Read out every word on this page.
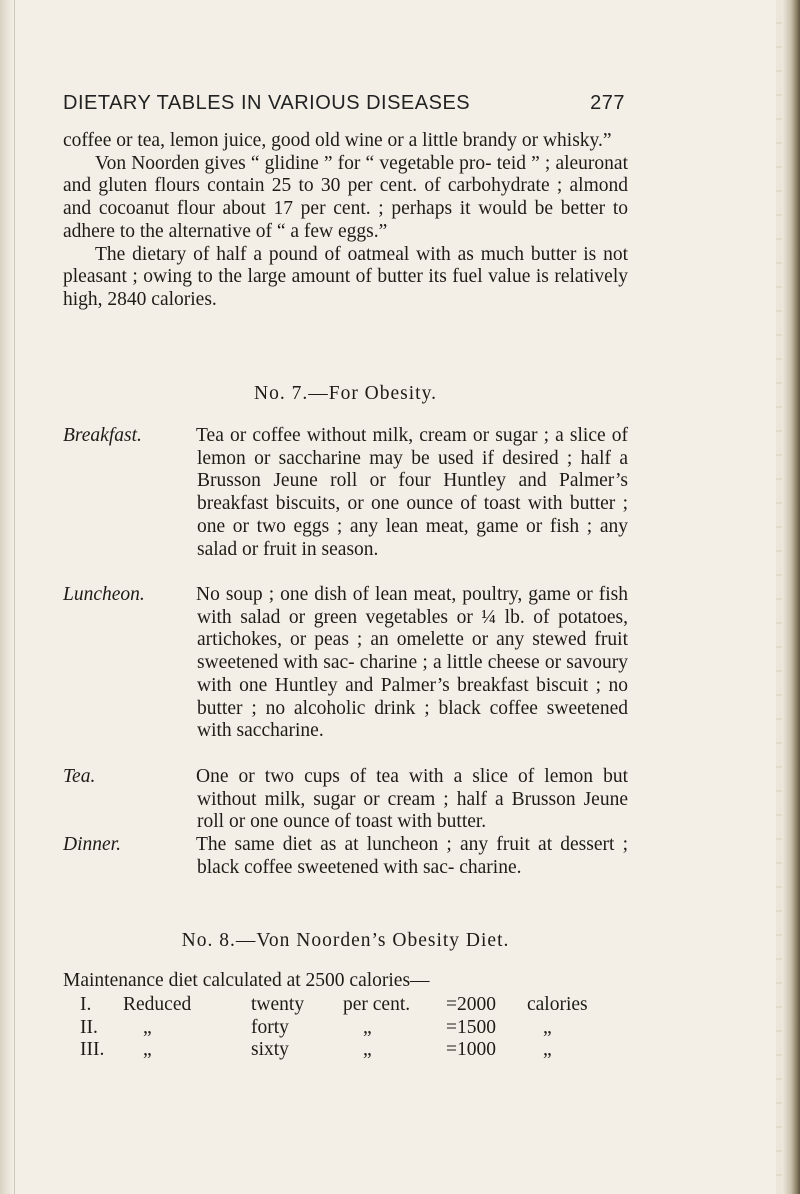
DIETARY TABLES IN VARIOUS DISEASES	277

coffee or tea, lemon juice, good old wine or a little brandy or whisky.”

Von Noorden gives “ glidine ” for “ vegetable pro- teid ” ; aleuronat and gluten flours contain 25 to 30 per cent. of carbohydrate ; almond and cocoanut flour about 17 per cent. ; perhaps it would be better to adhere to the alternative of “ a few eggs.”

The dietary of half a pound of oatmeal with as much butter is not pleasant ; owing to the large amount of butter its fuel value is relatively high, 2840 calories.

No. 7.—For Obesity.
Breakfast.	Tea or coffee without milk, cream or sugar ; a slice of lemon or saccharine may be used if desired ; half a Brusson Jeune roll or four Huntley and Palmer’s breakfast biscuits, or one ounce of toast with butter ; one or two eggs ; any lean meat, game or fish ; any salad or fruit in season.
Luncheon.	No soup ; one dish of lean meat, poultry, game or fish with salad or green vegetables or ¼ lb. of potatoes, artichokes, or peas ; an omelette or any stewed fruit sweetened with sac- charine ; a little cheese or savoury with one Huntley and Palmer’s breakfast biscuit ; no butter ; no alcoholic drink ; black coffee sweetened with saccharine.
Tea.	One or two cups of tea with a slice of lemon but without milk, sugar or cream ; half a Brusson Jeune roll or one ounce of toast with butter.
Dinner.	The same diet as at luncheon ; any fruit at dessert ; black coffee sweetened with sac- charine.
No. 8.—Von Noorden’s Obesity Diet.
Maintenance diet calculated at 2500 calories—
I. Reduced	twenty per cent. =2000 calories
II. „	forty	„	=1500 „
III. „	sixty	„	=1000 „
